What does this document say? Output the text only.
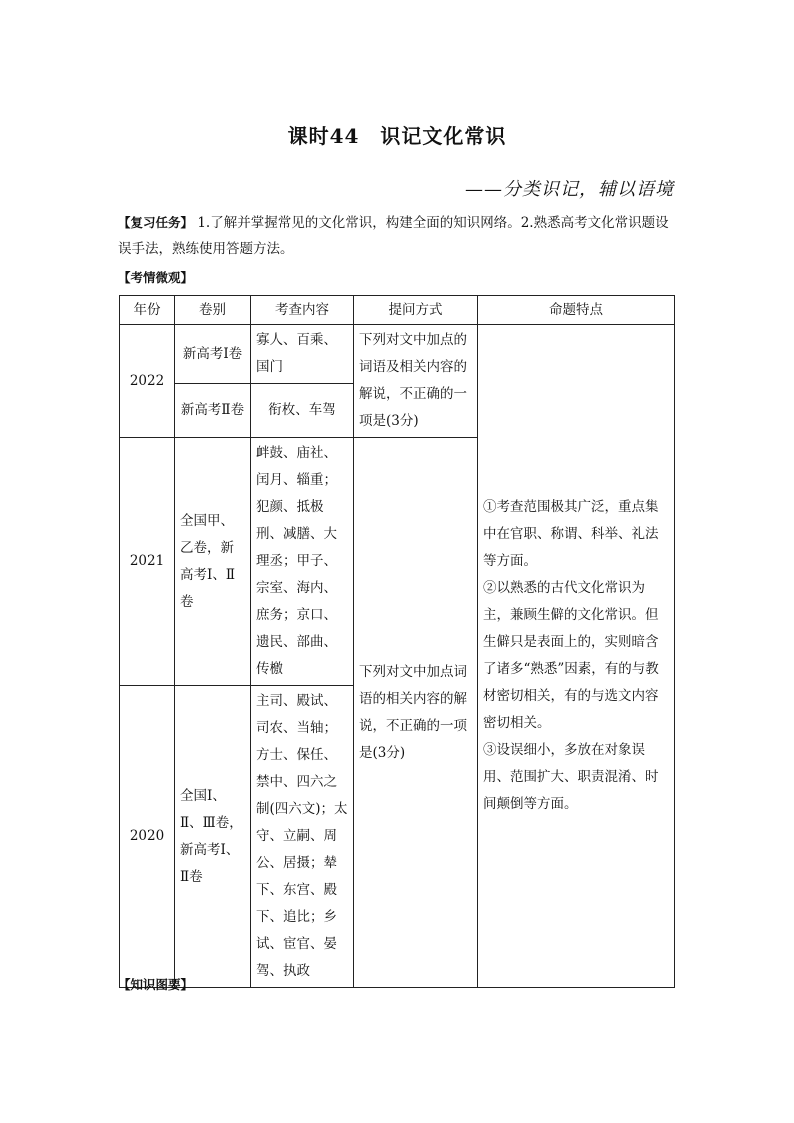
课时44　识记文化常识
——分类识记，辅以语境

【复习任务】 1.了解并掌握常见的文化常识，构建全面的知识网络。2.熟悉高考文化常识题设误手法，熟练使用答题方法。

【考情微观】
年份	卷别	考查内容	提问方式	命题特点
2022	新高考Ⅰ卷	寡人、百乘、国门	下列对文中加点的词语及相关内容的解说，不正确的一项是(3分)	①考查范围极其广泛，重点集中在官职、称谓、科举、礼法等方面。
②以熟悉的古代文化常识为主，兼顾生僻的文化常识。但生僻只是表面上的，实则暗含了诸多“熟悉”因素，有的与教材密切相关，有的与选文内容密切相关。
③设误细小，多放在对象误用、范围扩大、职责混淆、时间颠倒等方面。

	新高考Ⅱ卷	衔枚、车驾		
2021	全国甲、乙卷，新高考Ⅰ、Ⅱ卷	衅鼓、庙社、闰月、辎重；犯颜、抵极刑、减膳、大理丞；甲子、宗室、海内、庶务；京口、遗民、部曲、传檄	下列对文中加点词语的相关内容的解说，不正确的一项是(3分)	
2020	全国Ⅰ、Ⅱ、Ⅲ卷，新高考Ⅰ、Ⅱ卷	主司、殿试、司农、当轴；方士、保任、禁中、四六之制(四六文)；太守、立嗣、周公、居摄；辇下、东宫、殿下、追比；乡试、宦官、晏驾、执政		
【知识图要】
